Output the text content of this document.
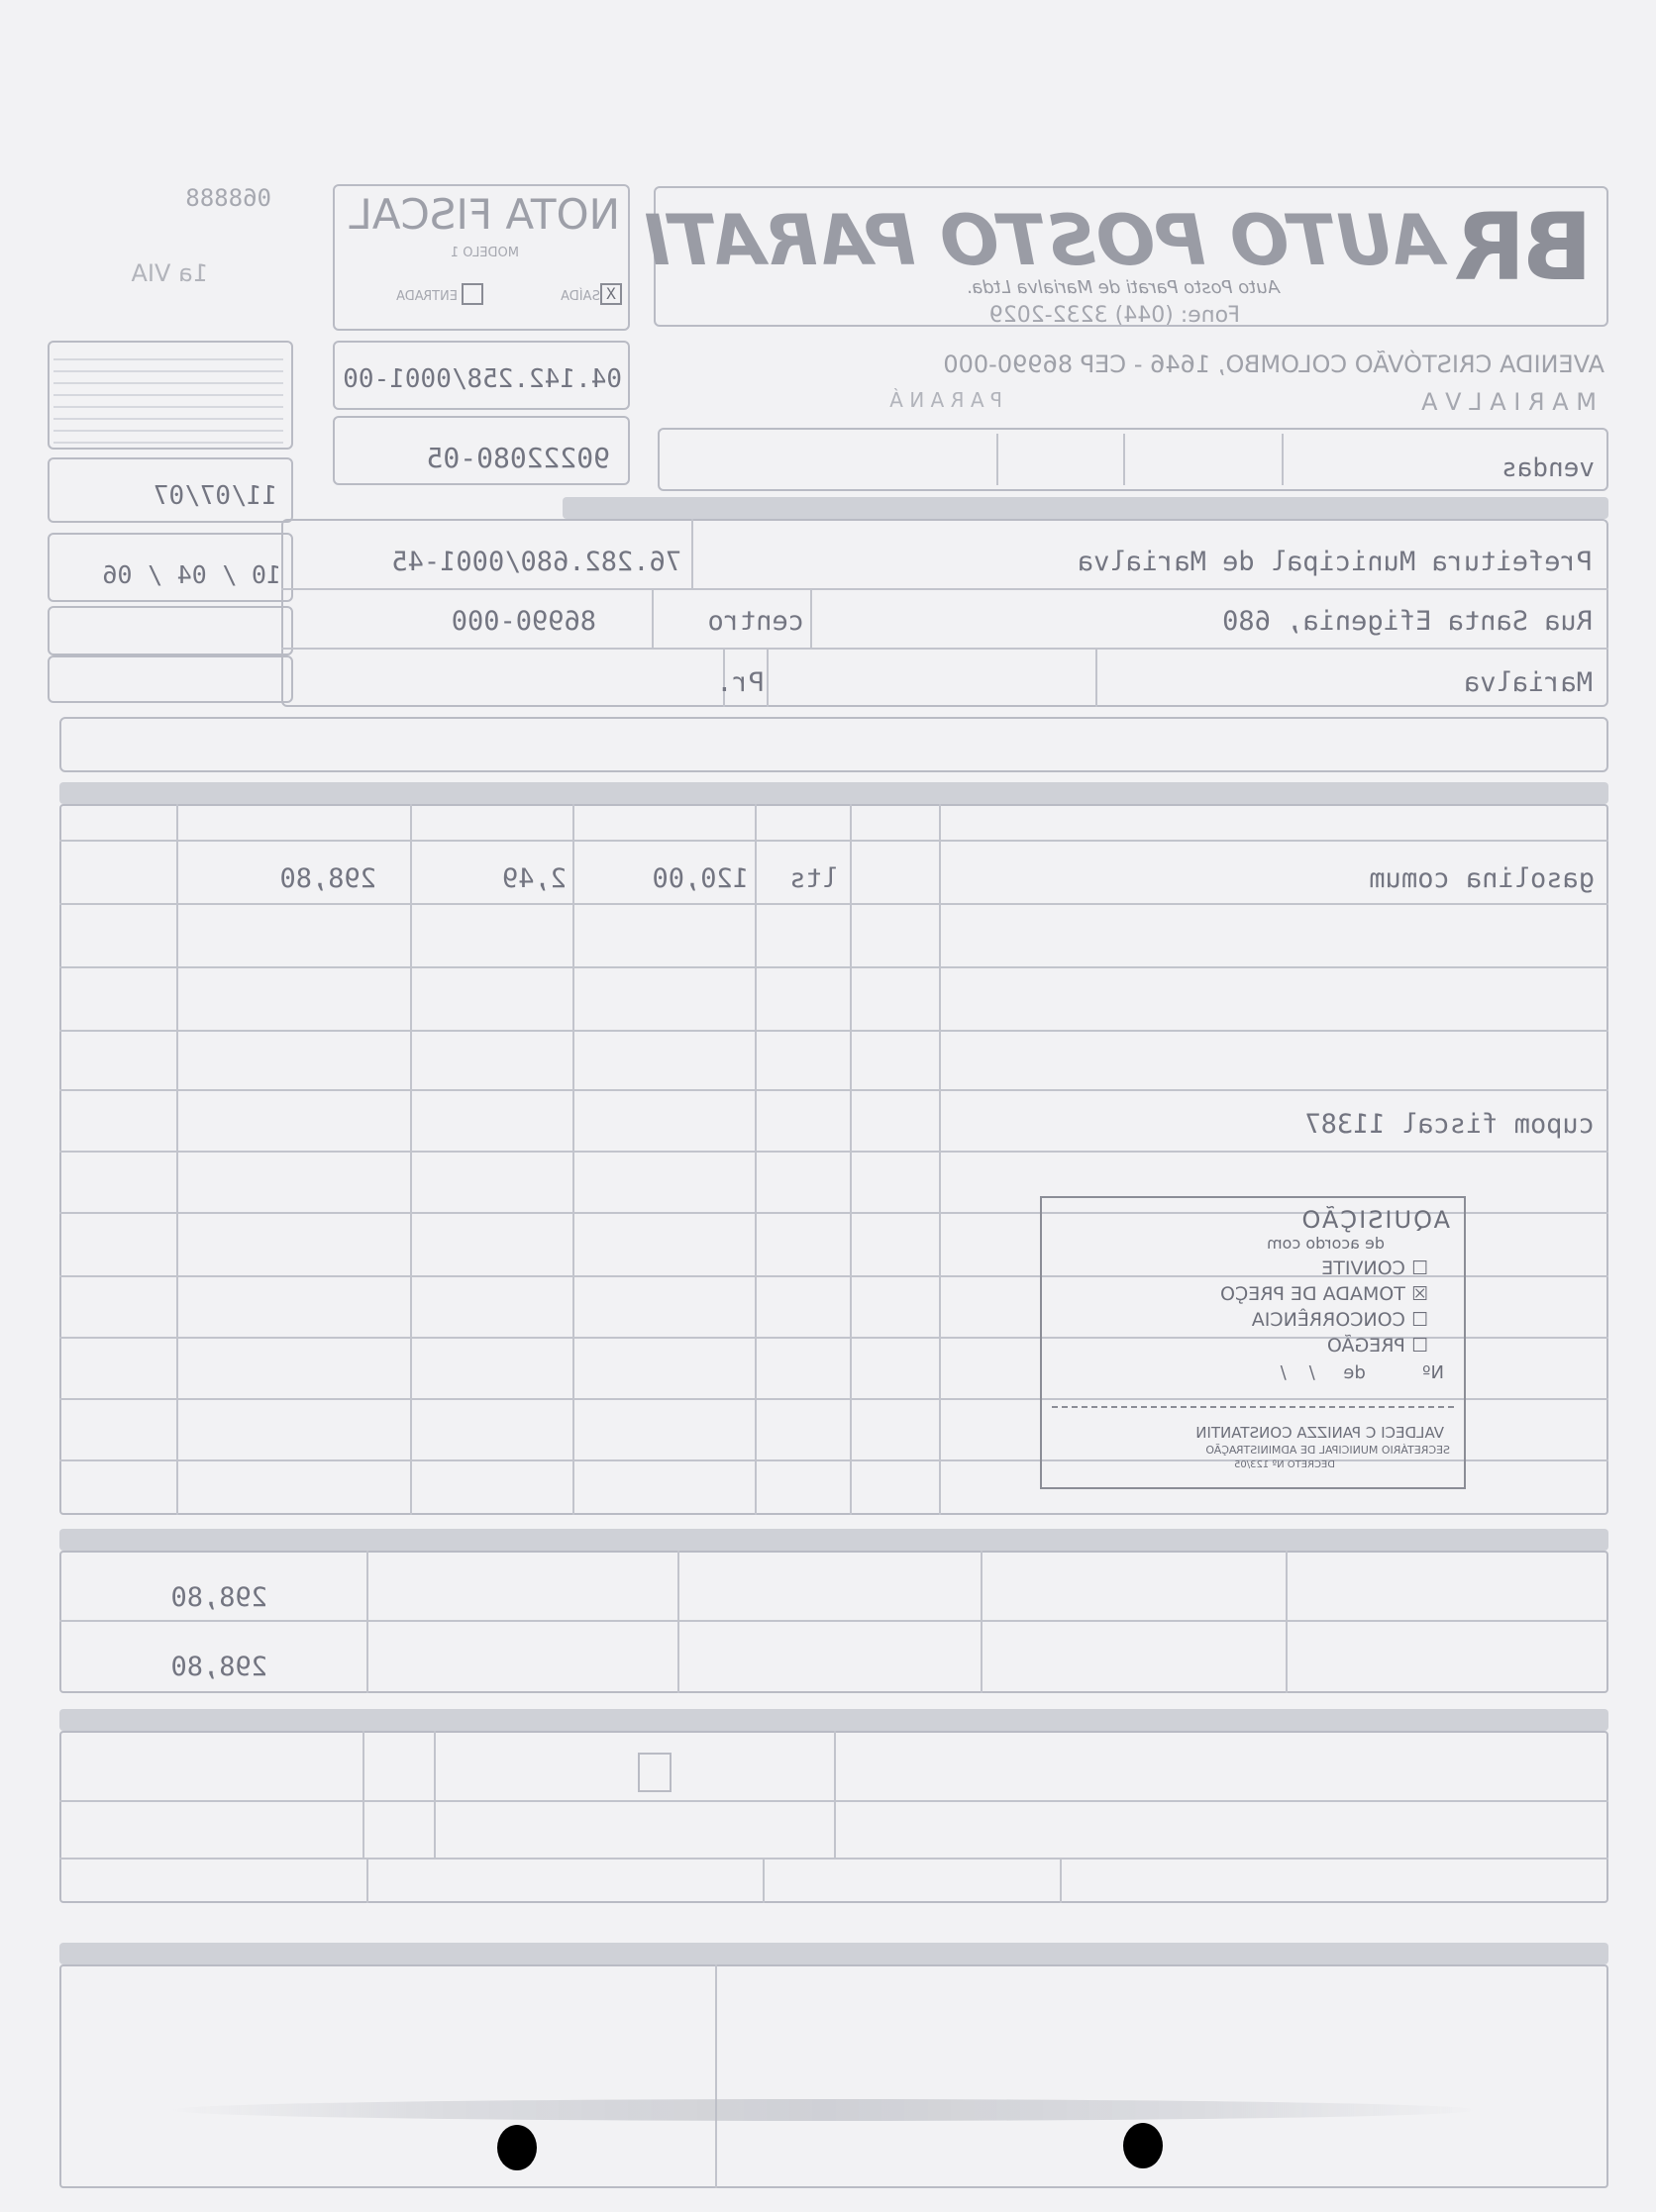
BR
AUTO POSTO PARATI
Auto Posto Parati de Marialva Ltda.
Fone: (044) 3232-2029
AVENIDA CRISTÓVÃO COLOMBO, 1646 - CEP 86990-000
M A R I A L V A
P A R A N Á
NOTA FISCAL
MODELO 1
SAÍDA X
ENTRADA
068888
1a VIA
04.142.258/0001-00
90222080-05
11/07/07
10 / 04 / 06
vendas
Prefeitura Municipal de Marialva
76.282.680/0001-45
Rua Santa Efigenia, 680
centro
86990-000
Marialva
Pr.
gasolina comum
lts
120,00
2,49
298,80
cupom fiscal 11387
AQUISIÇÃO
de acordo com
☐ CONVITE
☒ TOMADA DE PREÇO
☐ CONCORRÊNCIA
☐ PREGÃO
Nº          de     /    /
VALDECI C PANIZZA CONSTANTIN
SECRETÁRIO MUNICIPAL DE ADMINISTRAÇÃO
DECRETO Nº 123/05
298,80
298,80
